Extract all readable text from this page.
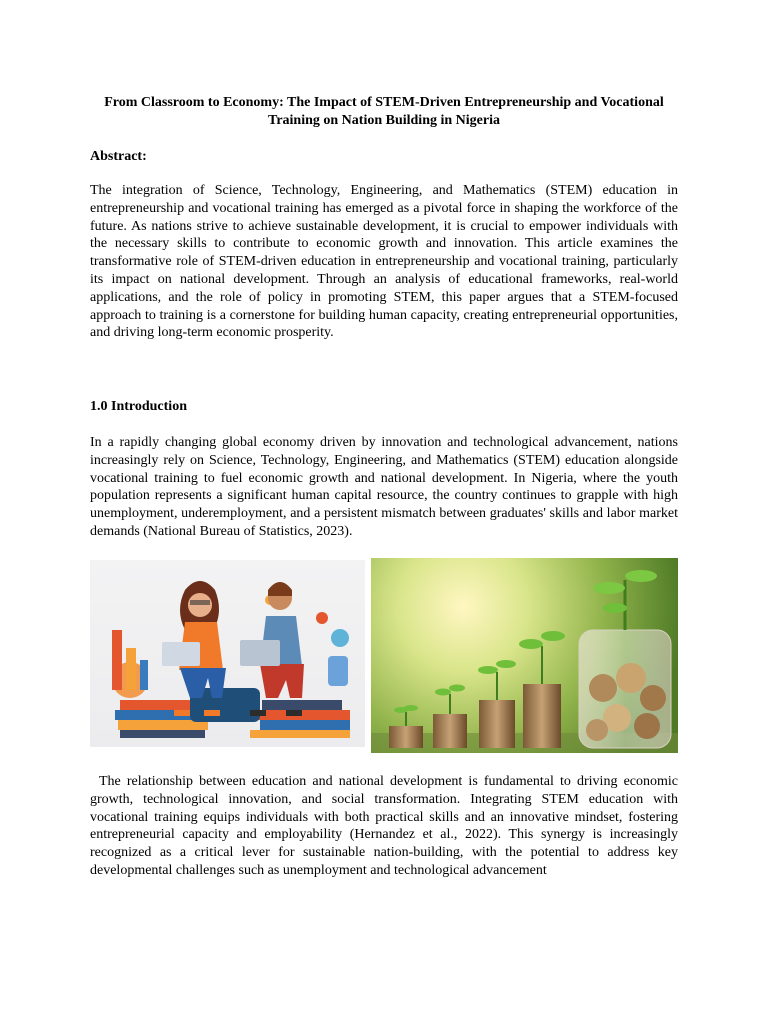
From Classroom to Economy: The Impact of STEM-Driven Entrepreneurship and Vocational Training on Nation Building in Nigeria
Abstract:
The integration of Science, Technology, Engineering, and Mathematics (STEM) education in entrepreneurship and vocational training has emerged as a pivotal force in shaping the workforce of the future. As nations strive to achieve sustainable development, it is crucial to empower individuals with the necessary skills to contribute to economic growth and innovation. This article examines the transformative role of STEM-driven education in entrepreneurship and vocational training, particularly its impact on national development. Through an analysis of educational frameworks, real-world applications, and the role of policy in promoting STEM, this paper argues that a STEM-focused approach to training is a cornerstone for building human capacity, creating entrepreneurial opportunities, and driving long-term economic prosperity.
1.0 Introduction
In a rapidly changing global economy driven by innovation and technological advancement, nations increasingly rely on Science, Technology, Engineering, and Mathematics (STEM) education alongside vocational training to fuel economic growth and national development. In Nigeria, where the youth population represents a significant human capital resource, the country continues to grapple with high unemployment, underemployment, and a persistent mismatch between graduates' skills and labor market demands (National Bureau of Statistics, 2023).
The relationship between education and national development is fundamental to driving economic growth, technological innovation, and social transformation. Integrating STEM education with vocational training equips individuals with both practical skills and an innovative mindset, fostering entrepreneurial capacity and employability (Hernandez et al., 2022). This synergy is increasingly recognized as a critical lever for sustainable nation-building, with the potential to address key developmental challenges such as unemployment and technological advancement
